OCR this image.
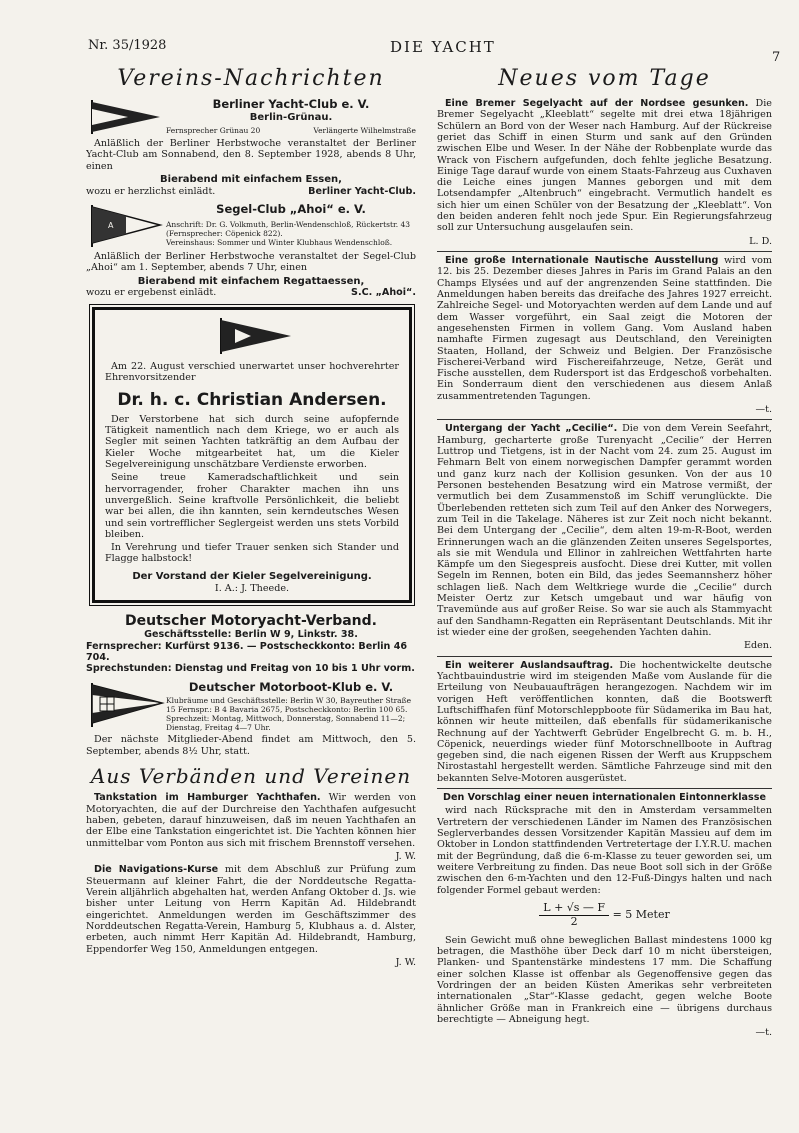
Nr. 35/1928	DIE YACHT
7
Vereins-Nachrichten
Berliner Yacht-Club e. V.
Berlin-Grünau.
Fernsprecher Grünau 20	Verlängerte Wilhelmstraße

Anläßlich der Berliner Herbstwoche veranstaltet der Berliner Yacht-Club am Sonnabend, den 8. September 1928, abends 8 Uhr, einen

Bierabend mit einfachem Essen,
wozu er herzlichst einlädt.	Berliner Yacht-Club.
A
Segel-Club „Ahoi“ e. V.
Anschrift: Dr. G. Volkmuth, Berlin-Wendenschloß, Rückertstr. 43 (Fernsprecher: Cöpenick 822).
Vereinshaus: Sommer und Winter Klubhaus Wendenschloß.

Anläßlich der Berliner Herbstwoche veranstaltet der Segel-Club „Ahoi“ am 1. September, abends 7 Uhr, einen

Bierabend mit einfachem Regattaessen,
wozu er ergebenst einlädt.	S.C. „Ahoi“.

Am 22. August verschied unerwartet unser hochverehrter Ehrenvorsitzender

Dr. h. c. Christian Andersen.

Der Verstorbene hat sich durch seine aufopfernde Tätigkeit namentlich nach dem Kriege, wo er auch als Segler mit seinen Yachten tatkräftig an dem Aufbau der Kieler Woche mitgearbeitet hat, um die Kieler Segelvereinigung unschätzbare Verdienste erworben.

Seine treue Kameradschaftlichkeit und sein hervorragender, froher Charakter machen ihn uns unvergeßlich. Seine kraftvolle Persönlichkeit, die beliebt war bei allen, die ihn kannten, sein kerndeutsches Wesen und sein vortrefflicher Seglergeist werden uns stets Vorbild bleiben.

In Verehrung und tiefer Trauer senken sich Stander und Flagge halbstock!

Der Vorstand der Kieler Segelvereinigung.
I. A.: J. Theede.
Deutscher Motoryacht-Verband.
Geschäftsstelle: Berlin W 9, Linkstr. 38.
Fernsprecher: Kurfürst 9136. — Postscheckkonto: Berlin 46 704.
Sprechstunden: Dienstag und Freitag von 10 bis 1 Uhr vorm.
Deutscher Motorboot-Klub e. V.
Klubräume und Geschäftsstelle: Berlin W 30, Bayreuther Straße 15 Fernspr.: B 4 Bavaria 2675, Postscheckkonto: Berlin 100 65. Sprechzeit: Montag, Mittwoch, Donnerstag, Sonnabend 11—2; Dienstag, Freitag 4—7 Uhr.

Der nächste Mitglieder-Abend findet am Mittwoch, den 5. September, abends 8½ Uhr, statt.

Aus Verbänden und Vereinen

Tankstation im Hamburger Yachthafen. Wir werden von Motoryachten, die auf der Durchreise den Yachthafen aufgesucht haben, gebeten, darauf hinzuweisen, daß im neuen Yachthafen an der Elbe eine Tankstation eingerichtet ist. Die Yachten können hier unmittelbar vom Ponton aus sich mit frischem Brennstoff versehen.

J. W.

Die Navigations-Kurse mit dem Abschluß zur Prüfung zum Steuermann auf kleiner Fahrt, die der Norddeutsche Regatta-Verein alljährlich abgehalten hat, werden Anfang Oktober d. Js. wie bisher unter Leitung von Herrn Kapitän Ad. Hildebrandt eingerichtet. Anmeldungen werden im Geschäftszimmer des Norddeutschen Regatta-Verein, Hamburg 5, Klubhaus a. d. Alster, erbeten, auch nimmt Herr Kapitän Ad. Hildebrandt, Hamburg, Eppendorfer Weg 150, Anmeldungen entgegen.

J. W.
Neues vom Tage

Eine Bremer Segelyacht auf der Nordsee gesunken. Die Bremer Segelyacht „Kleeblatt“ segelte mit drei etwa 18jährigen Schülern an Bord von der Weser nach Hamburg. Auf der Rückreise geriet das Schiff in einen Sturm und sank auf den Gründen zwischen Elbe und Weser. In der Nähe der Robbenplate wurde das Wrack von Fischern aufgefunden, doch fehlte jegliche Besatzung. Einige Tage darauf wurde von einem Staats-Fahrzeug aus Cuxhaven die Leiche eines jungen Mannes geborgen und mit dem Lotsendampfer „Altenbruch“ eingebracht. Vermutlich handelt es sich hier um einen Schüler von der Besatzung der „Kleeblatt“. Von den beiden anderen fehlt noch jede Spur. Ein Regierungsfahrzeug soll zur Untersuchung ausgelaufen sein.

L. D.

Eine große Internationale Nautische Ausstellung wird vom 12. bis 25. Dezember dieses Jahres in Paris im Grand Palais an den Champs Elysées und auf der angrenzenden Seine stattfinden. Die Anmeldungen haben bereits das dreifache des Jahres 1927 erreicht. Zahlreiche Segel- und Motoryachten werden auf dem Lande und auf dem Wasser vorgeführt, ein Saal zeigt die Motoren der angesehensten Firmen in vollem Gang. Vom Ausland haben namhafte Firmen zugesagt aus Deutschland, den Vereinigten Staaten, Holland, der Schweiz und Belgien. Der Französische Fischerei-Verband wird Fischereifahrzeuge, Netze, Gerät und Fische ausstellen, dem Rudersport ist das Erdgeschoß vorbehalten. Ein Sonderraum dient den verschiedenen aus diesem Anlaß zusammentretenden Tagungen.

—t.

Untergang der Yacht „Cecilie“. Die von dem Verein Seefahrt, Hamburg, gecharterte große Turenyacht „Cecilie“ der Herren Luttrop und Tietgens, ist in der Nacht vom 24. zum 25. August im Fehmarn Belt von einem norwegischen Dampfer gerammt worden und ganz kurz nach der Kollision gesunken. Von der aus 10 Personen bestehenden Besatzung wird ein Matrose vermißt, der vermutlich bei dem Zusammenstoß im Schiff verunglückte. Die Überlebenden retteten sich zum Teil auf den Anker des Norwegers, zum Teil in die Takelage. Näheres ist zur Zeit noch nicht bekannt. Bei dem Untergang der „Cecilie“, dem alten 19-m-R-Boot, werden Erinnerungen wach an die glänzenden Zeiten unseres Segelsportes, als sie mit Wendula und Ellinor in zahlreichen Wettfahrten harte Kämpfe um den Siegespreis ausfocht. Diese drei Kutter, mit vollen Segeln im Rennen, boten ein Bild, das jedes Seemannsherz höher schlagen ließ. Nach dem Weltkriege wurde die „Cecilie“ durch Meister Oertz zur Ketsch umgebaut und war häufig von Travemünde aus auf großer Reise. So war sie auch als Stammyacht auf den Sandhamn-Regatten ein Repräsentant Deutschlands. Mit ihr ist wieder eine der großen, seegehenden Yachten dahin.

Eden.

Ein weiterer Auslandsauftrag. Die hochentwickelte deutsche Yachtbauindustrie wird im steigenden Maße vom Auslande für die Erteilung von Neubauaufträgen herangezogen. Nachdem wir im vorigen Heft veröffentlichen konnten, daß die Bootswerft Luftschiffhafen fünf Motorschleppboote für Südamerika im Bau hat, können wir heute mitteilen, daß ebenfalls für südamerikanische Rechnung auf der Yachtwerft Gebrüder Engelbrecht G. m. b. H., Cöpenick, neuerdings wieder fünf Motorschnellboote in Auftrag gegeben sind, die nach eigenen Rissen der Werft aus Kruppschem Nirostastahl hergestellt werden. Sämtliche Fahrzeuge sind mit den bekannten Selve-Motoren ausgerüstet.

Den Vorschlag einer neuen internationalen Eintonnerklasse

wird nach Rücksprache mit den in Amsterdam versammelten Vertretern der verschiedenen Länder im Namen des Französischen Seglerverbandes dessen Vorsitzender Kapitän Massieu auf dem im Oktober in London stattfindenden Vertretertage der I.Y.R.U. machen mit der Begründung, daß die 6-m-Klasse zu teuer geworden sei, um weitere Verbreitung zu finden. Das neue Boot soll sich in der Größe zwischen den 6-m-Yachten und den 12-Fuß-Dingys halten und nach folgender Formel gebaut werden:

$\frac{L + √s — F}{2} = 5$ Meter

Sein Gewicht muß ohne beweglichen Ballast mindestens 1000 kg betragen, die Masthöhe über Deck darf 10 m nicht übersteigen, Planken- und Spantenstärke mindestens 17 mm. Die Schaffung einer solchen Klasse ist offenbar als Gegenoffensive gegen das Vordringen der an beiden Küsten Amerikas sehr verbreiteten internationalen „Star“-Klasse gedacht, gegen welche Boote ähnlicher Größe man in Frankreich eine — übrigens durchaus berechtigte — Abneigung hegt.

—t.
